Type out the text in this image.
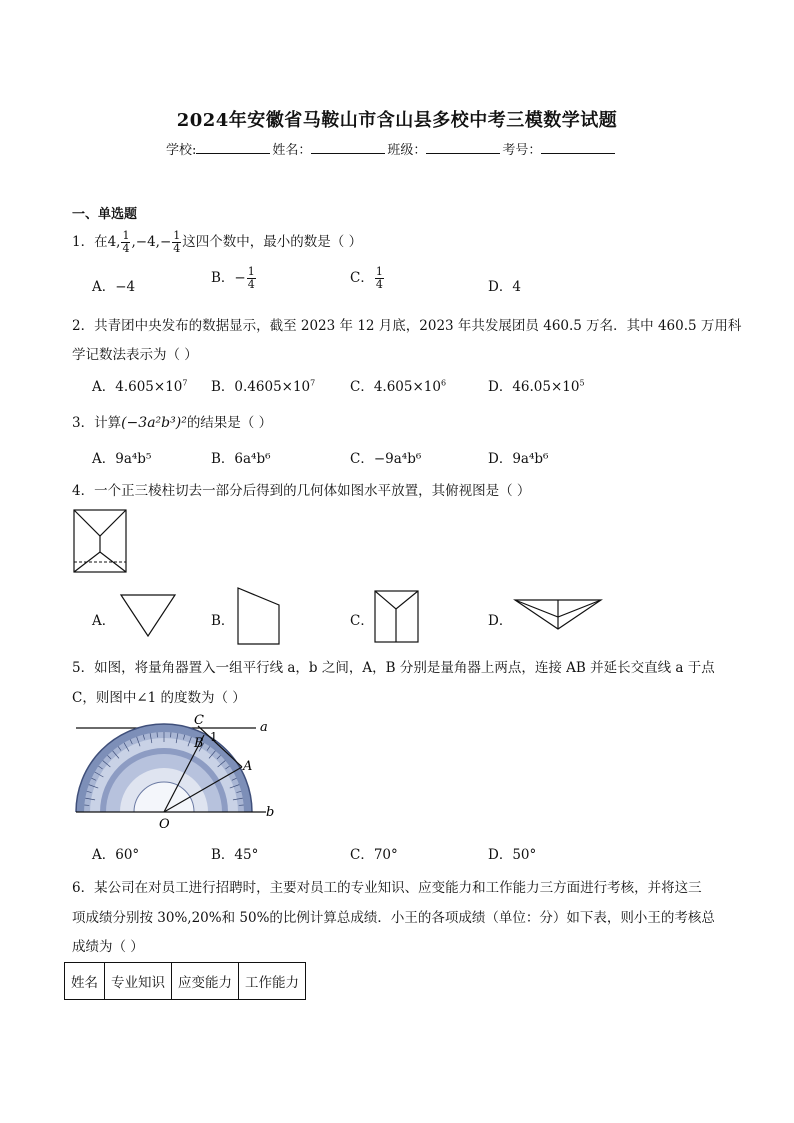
2024年安徽省马鞍山市含山县多校中考三模数学试题
学校:	姓名：	班级：	考号：
一、单选题
1．在4, $\frac{1}{4} ,-4,- \frac{1}{4}$ 这四个数中，最小的数是（ ）
A．−4
B．− $\frac{1}{4}$	C． $\frac{1}{4}$	D．4
2．共青团中央发布的数据显示，截至 2023 年 12 月底，2023 年共发展团员 460.5 万名．其中 460.5 万用科
学记数法表示为（ ）
A．$4.605\times 10^7$ B．$0.4605\times 10^7$	C．$4.605\times 10^6$	D．$46.05\times 10^5$
3．计算(−3a²b³)²的结果是（ ）
A．9a⁴b⁵	B．6a⁴b⁶	C．−9a⁴b⁶	D．9a⁴b⁶
4．一个正三棱柱切去一部分后得到的几何体如图水平放置，其俯视图是（ ）
A．	B．	C．	D．
5．如图，将量角器置入一组平行线 a，b 之间，A，B 分别是量角器上两点，连接 AB 并延长交直线 a 于点
C，则图中∠1 的度数为（ ）
C	a
B 1
A
O
b
A．60°	B．45°	C．70°	D．50°
6．某公司在对员工进行招聘时，主要对员工的专业知识、应变能力和工作能力三方面进行考核，并将这三
项成绩分别按 30%,20%和 50%的比例计算总成绩．小王的各项成绩（单位：分）如下表，则小王的考核总
成绩为（ ）
姓名	专业知识	应变能力	工作能力
